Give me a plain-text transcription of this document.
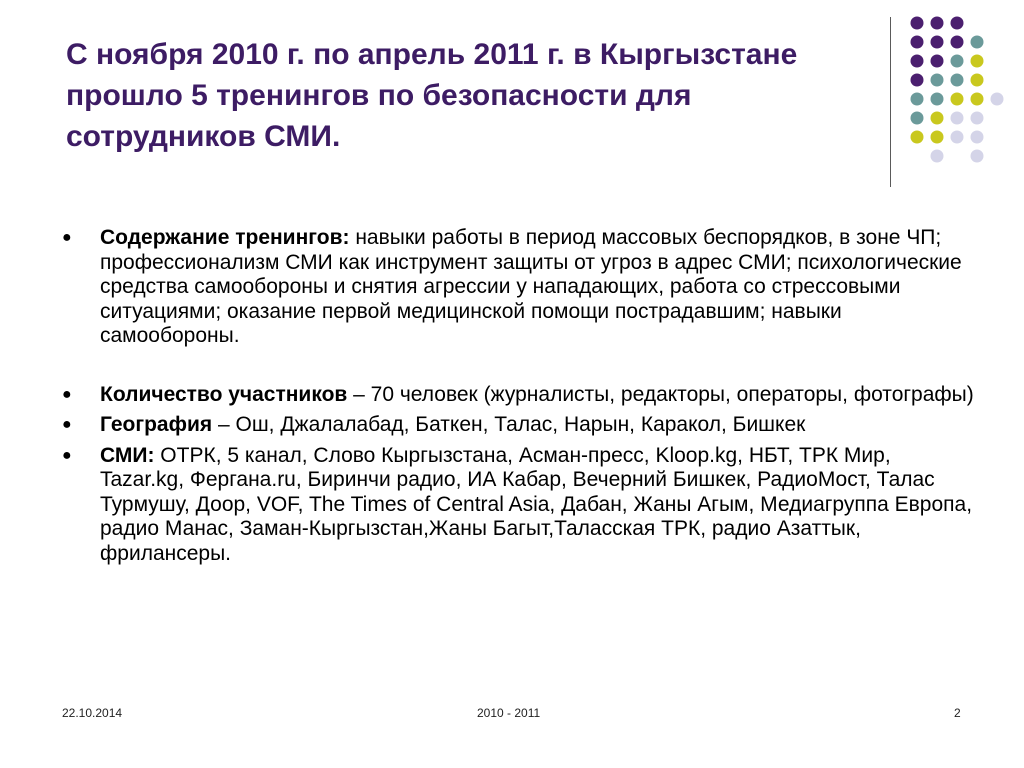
С ноября 2010 г. по апрель 2011 г. в Кыргызстане прошло 5 тренингов по безопасности для сотрудников СМИ.
● Содержание тренингов: навыки работы в период массовых беспорядков, в зоне ЧП; профессионализм СМИ как инструмент защиты от угроз в адрес СМИ; психологические средства самообороны и снятия агрессии у нападающих, работа со стрессовыми ситуациями; оказание первой медицинской помощи пострадавшим; навыки самообороны.
● Количество участников – 70 человек (журналисты, редакторы, операторы, фотографы)
● География – Ош, Джалалабад, Баткен, Талас, Нарын, Каракол, Бишкек
● СМИ: ОТРК, 5 канал, Слово Кыргызстана, Асман-пресс, Kloop.kg, НБТ, ТРК Мир, Tazar.kg, Фергана.ru, Биринчи радио, ИА Кабар, Вечерний Бишкек, РадиоМост, Талас Турмушу, Доор, VOF, The Times of Central Asia, Дабан, Жаны Агым, Медиагруппа Европа, радио Манас, Заман-Кыргызстан,Жаны Багыт,Таласская ТРК, радио Азаттык, фрилансеры.
22.10.2014	2010 - 2011	2
